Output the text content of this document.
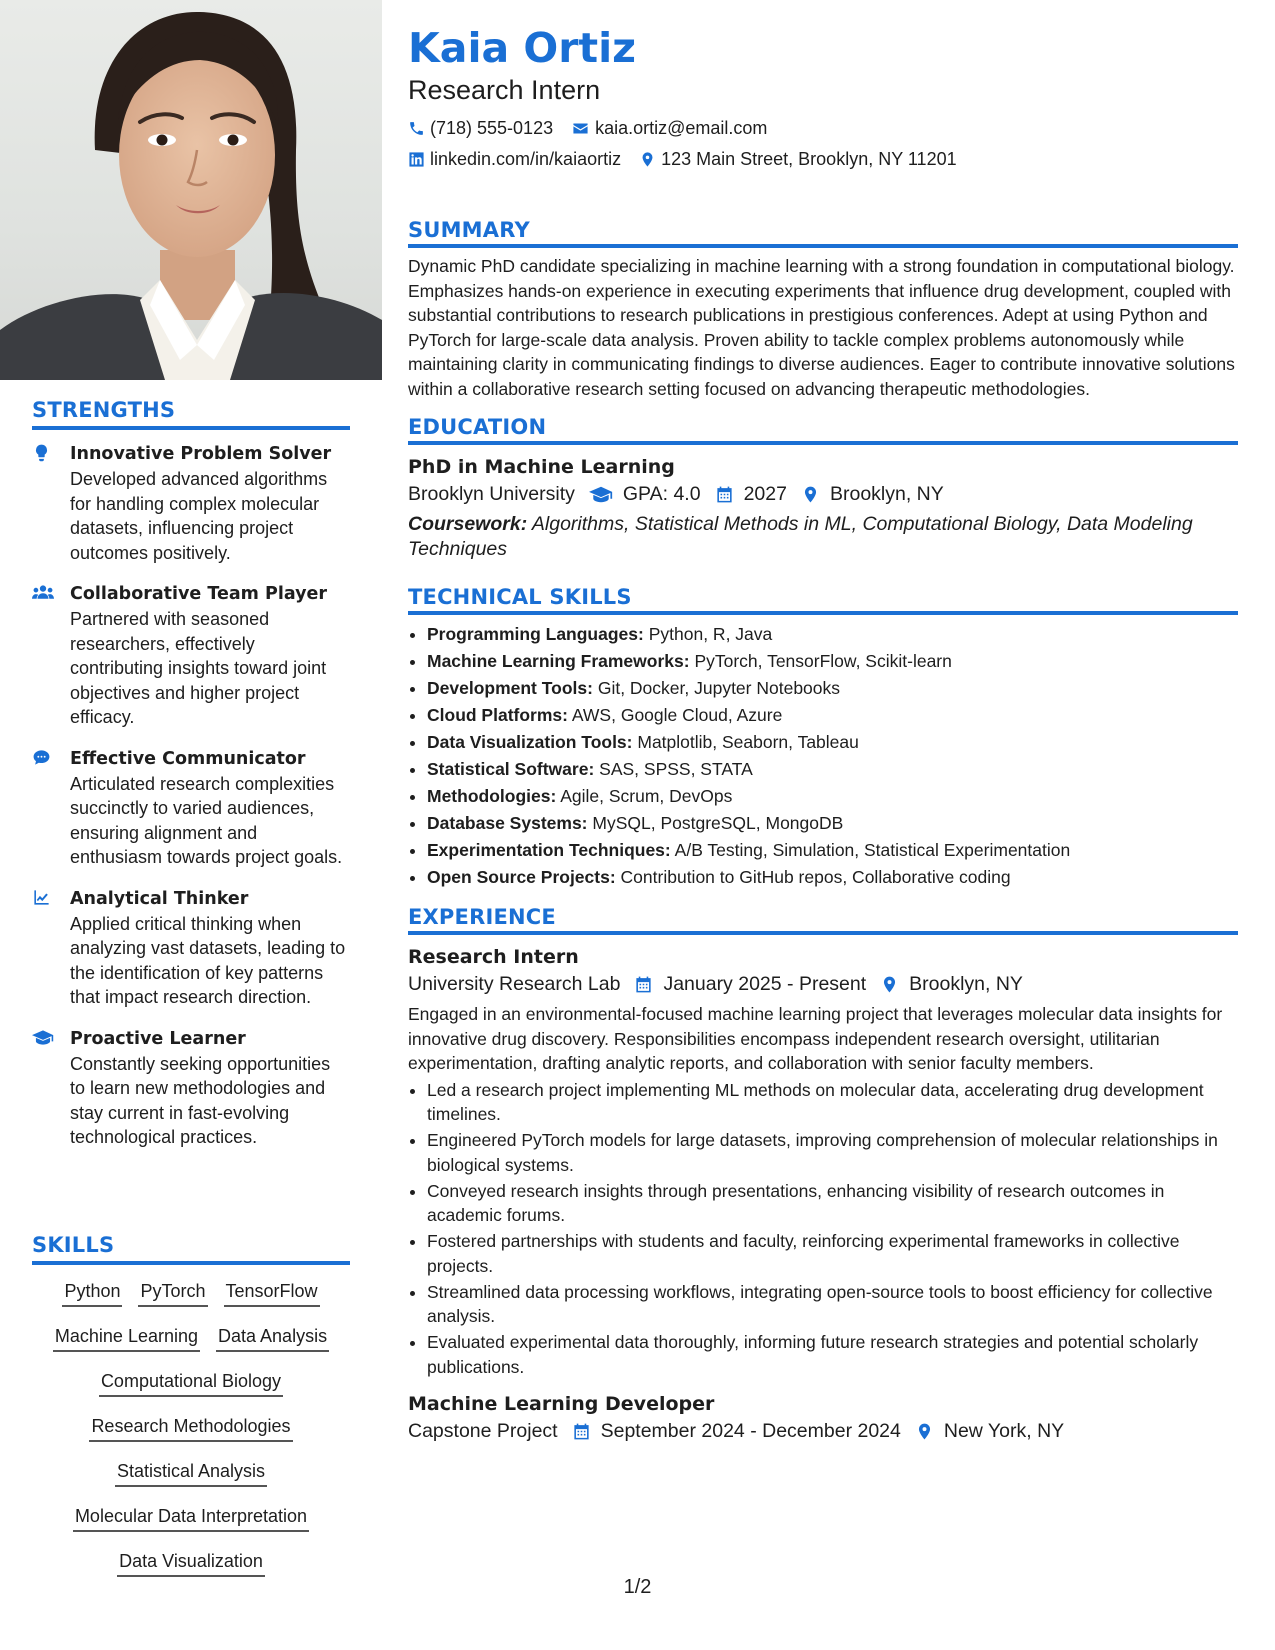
STRENGTHS
Innovative Problem Solver
Developed advanced algorithms for handling complex molecular datasets, influencing project outcomes positively.
Collaborative Team Player
Partnered with seasoned researchers, effectively contributing insights toward joint objectives and higher project efficacy.
Effective Communicator
Articulated research complexities succinctly to varied audiences, ensuring alignment and enthusiasm towards project goals.
Analytical Thinker
Applied critical thinking when analyzing vast datasets, leading to the identification of key patterns that impact research direction.
Proactive Learner
Constantly seeking opportunities to learn new methodologies and stay current in fast-evolving technological practices.
SKILLS
Python PyTorch TensorFlow
Machine Learning Data Analysis
Computational Biology
Research Methodologies
Statistical Analysis
Molecular Data Interpretation
Data Visualization
Kaia Ortiz
Research Intern
(718) 555-0123 kaia.ortiz@email.com
linkedin.com/in/kaiaortiz 123 Main Street, Brooklyn, NY 11201
SUMMARY
Dynamic PhD candidate specializing in machine learning with a strong foundation in computational biology. Emphasizes hands-on experience in executing experiments that influence drug development, coupled with substantial contributions to research publications in prestigious conferences. Adept at using Python and PyTorch for large-scale data analysis. Proven ability to tackle complex problems autonomously while maintaining clarity in communicating findings to diverse audiences. Eager to contribute innovative solutions within a collaborative research setting focused on advancing therapeutic methodologies.
EDUCATION
PhD in Machine Learning
Brooklyn University GPA: 4.0 2027 Brooklyn, NY
Coursework: Algorithms, Statistical Methods in ML, Computational Biology, Data Modeling Techniques
TECHNICAL SKILLS
• Programming Languages: Python, R, Java
• Machine Learning Frameworks: PyTorch, TensorFlow, Scikit-learn
• Development Tools: Git, Docker, Jupyter Notebooks
• Cloud Platforms: AWS, Google Cloud, Azure
• Data Visualization Tools: Matplotlib, Seaborn, Tableau
• Statistical Software: SAS, SPSS, STATA
• Methodologies: Agile, Scrum, DevOps
• Database Systems: MySQL, PostgreSQL, MongoDB
• Experimentation Techniques: A/B Testing, Simulation, Statistical Experimentation
• Open Source Projects: Contribution to GitHub repos, Collaborative coding
EXPERIENCE
Research Intern
University Research Lab January 2025 - Present Brooklyn, NY
Engaged in an environmental-focused machine learning project that leverages molecular data insights for innovative drug discovery. Responsibilities encompass independent research oversight, utilitarian experimentation, drafting analytic reports, and collaboration with senior faculty members.
• Led a research project implementing ML methods on molecular data, accelerating drug development timelines.
• Engineered PyTorch models for large datasets, improving comprehension of molecular relationships in biological systems.
• Conveyed research insights through presentations, enhancing visibility of research outcomes in academic forums.
• Fostered partnerships with students and faculty, reinforcing experimental frameworks in collective projects.
• Streamlined data processing workflows, integrating open-source tools to boost efficiency for collective analysis.
• Evaluated experimental data thoroughly, informing future research strategies and potential scholarly publications.
Machine Learning Developer
Capstone Project September 2024 - December 2024 New York, NY
1/2
